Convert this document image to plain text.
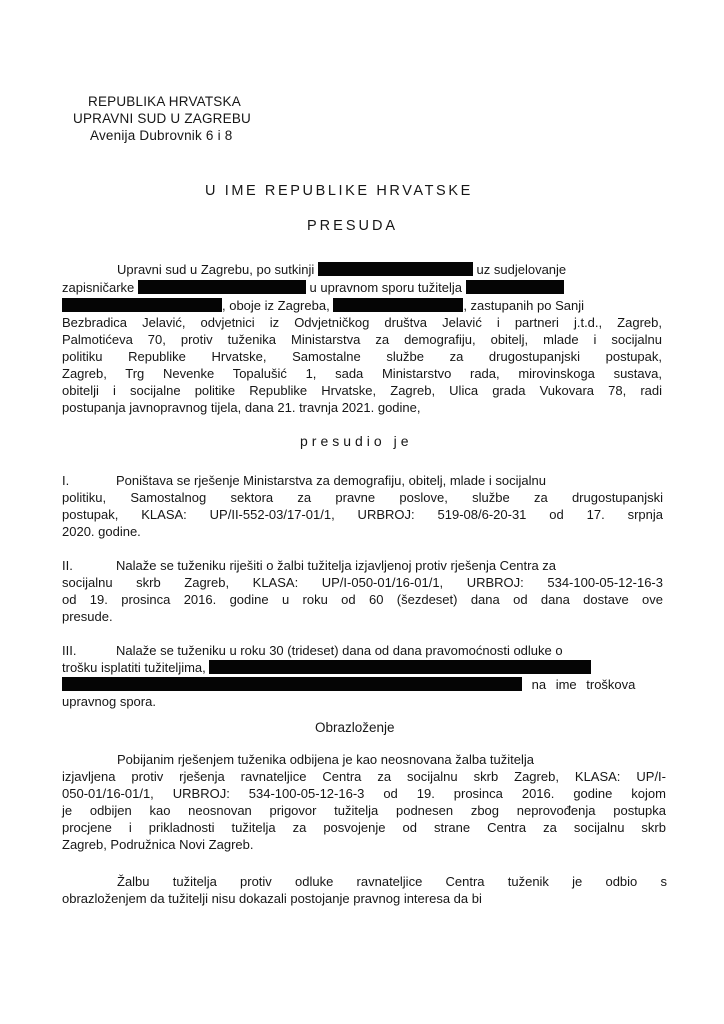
REPUBLIKA HRVATSKA
UPRAVNI SUD U ZAGREBU
Avenija Dubrovnik 6 i 8
U IME REPUBLIKE HRVATSKE
PRESUDA
Upravni sud u Zagrebu, po sutkinji	uz sudjelovanje
zapisničarke	u upravnom sporu tužitelja
, oboje iz Zagreba,	, zastupanih po Sanji
Bezbradica Jelavić, odvjetnici iz Odvjetničkog društva Jelavić i partneri j.t.d., Zagreb,
Palmotićeva 70, protiv tuženika Ministarstva za demografiju, obitelj, mlade i socijalnu
politiku Republike Hrvatske, Samostalne službe za drugostupanjski postupak,
Zagreb, Trg Nevenke Topalušić 1, sada Ministarstvo rada, mirovinskoga sustava,
obitelji i socijalne politike Republike Hrvatske, Zagreb, Ulica grada Vukovara 78, radi
postupanja javnopravnog tijela, dana 21. travnja 2021. godine,
presudio je
I.	Poništava se rješenje Ministarstva za demografiju, obitelj, mlade i socijalnu
politiku, Samostalnog sektora za pravne poslove, službe za drugostupanjski
postupak, KLASA: UP/II-552-03/17-01/1, URBROJ: 519-08/6-20-31 od 17. srpnja
2020. godine.
II.	Nalaže se tuženiku riješiti o žalbi tužitelja izjavljenoj protiv rješenja Centra za
socijalnu skrb Zagreb, KLASA: UP/I-050-01/16-01/1, URBROJ: 534-100-05-12-16-3
od 19. prosinca 2016. godine u roku od 60 (šezdeset) dana od dana dostave ove
presude.
III.	Nalaže se tuženiku u roku 30 (trideset) dana od dana pravomoćnosti odluke o
trošku isplatiti tužiteljima,
na ime troškova
upravnog spora.
Obrazloženje
Pobijanim rješenjem tuženika odbijena je kao neosnovana žalba tužitelja
izjavljena protiv rješenja ravnateljice Centra za socijalnu skrb Zagreb, KLASA: UP/I-
050-01/16-01/1, URBROJ: 534-100-05-12-16-3 od 19. prosinca 2016. godine kojom
je odbijen kao neosnovan prigovor tužitelja podnesen zbog neprovođenja postupka
procjene i prikladnosti tužitelja za posvojenje od strane Centra za socijalnu skrb
Zagreb, Podružnica Novi Zagreb.
Žalbu tužitelja protiv odluke ravnateljice Centra tuženik je odbio s
obrazloženjem da tužitelji nisu dokazali postojanje pravnog interesa da bi
